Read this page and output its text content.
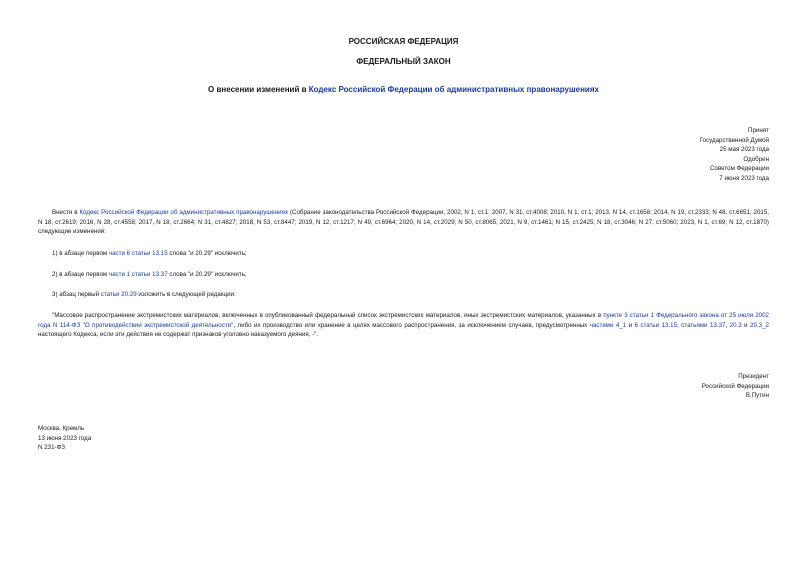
РОССИЙСКАЯ ФЕДЕРАЦИЯ
ФЕДЕРАЛЬНЫЙ ЗАКОН
О внесении изменений в Кодекс Российской Федерации об административных правонарушениях
Принят
Государственной Думой
25 мая 2023 года
Одобрен
Советом Федерации
7 июня 2023 года

Внести в Кодекс Российской Федерации об административных правонарушениях (Собрание законодательства Российской Федерации, 2002, N 1, ст.1; 2007, N 31, ст.4008; 2010, N 1, ст.1; 2013, N 14, ст.1658; 2014, N 19, ст.2333; N 48, ст.6651; 2015, N 18, ст.2619; 2016, N 28, ст.4558; 2017, N 18, ст.2664; N 31, ст.4827; 2018, N 53, ст.8447; 2019, N 12, ст.1217; N 49, ст.6964; 2020, N 14, ст.2029; N 50, ст.8065; 2021, N 9, ст.1461; N 15, ст.2425; N 18, ст.3046; N 27, ст.5060; 2023, N 1, ст.69; N 12, ст.1870) следующие изменения:

1) в абзаце первом части 6 статьи 13.15 слова "и 20.29" исключить;

2) в абзаце первом части 1 статьи 13.37 слова "и 20.29" исключить;

3) абзац первый статьи 20.29 изложить в следующей редакции:

"Массовое распространение экстремистских материалов, включенных в опубликованный федеральный список экстремистских материалов, иных экстремистских материалов, указанных в пункте 3 статьи 1 Федерального закона от 25 июля 2002 года N 114-ФЗ "О противодействии экстремистской деятельности", либо их производство или хранение в целях массового распространения, за исключением случаев, предусмотренных частями 4_1 и 6 статьи 13.15, статьями 13.37, 20.3 и 20.3_2 настоящего Кодекса, если эти действия не содержат признаков уголовно наказуемого деяния, -".

Президент
Российской Федерации
В.Путин
Москва, Кремль
13 июня 2023 года
N 231-ФЗ
